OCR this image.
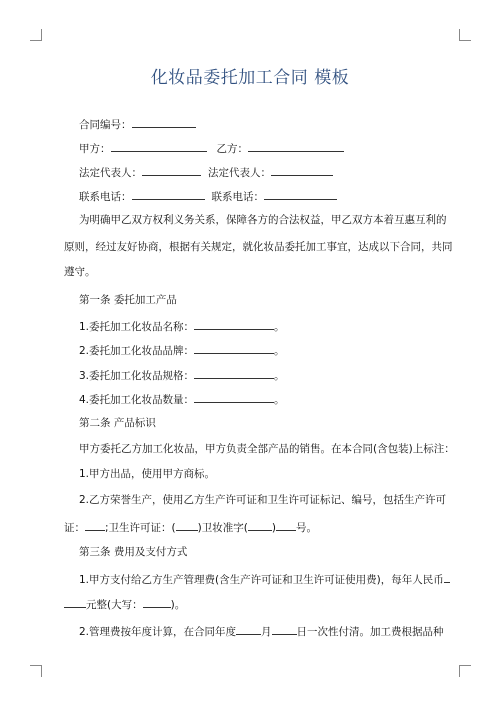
化妆品委托加工合同 模板
合同编号：
甲方：	乙方：
法定代表人：	法定代表人：
联系电话：	联系电话：
为明确甲乙双方权利义务关系，保障各方的合法权益，甲乙双方本着互惠互利的
原则，经过友好协商，根据有关规定，就化妆品委托加工事宜，达成以下合同，共同
遵守。
第一条 委托加工产品
1.委托加工化妆品名称：	。
2.委托加工化妆品品牌：	。
3.委托加工化妆品规格：	。
4.委托加工化妆品数量：	。
第二条 产品标识
甲方委托乙方加工化妆品，甲方负责全部产品的销售。在本合同(含包装)上标注：
1.甲方出品，使用甲方商标。
2.乙方荣誉生产，使用乙方生产许可证和卫生许可证标记、编号，包括生产许可
证： ;卫生许可证：( )卫妆准字( ) 号。
第三条 费用及支付方式
1.甲方支付给乙方生产管理费(含生产许可证和卫生许可证使用费)，每年人民币
元整(大写：	)。
2.管理费按年度计算，在合同年度 月 日一次性付清。加工费根据品种
